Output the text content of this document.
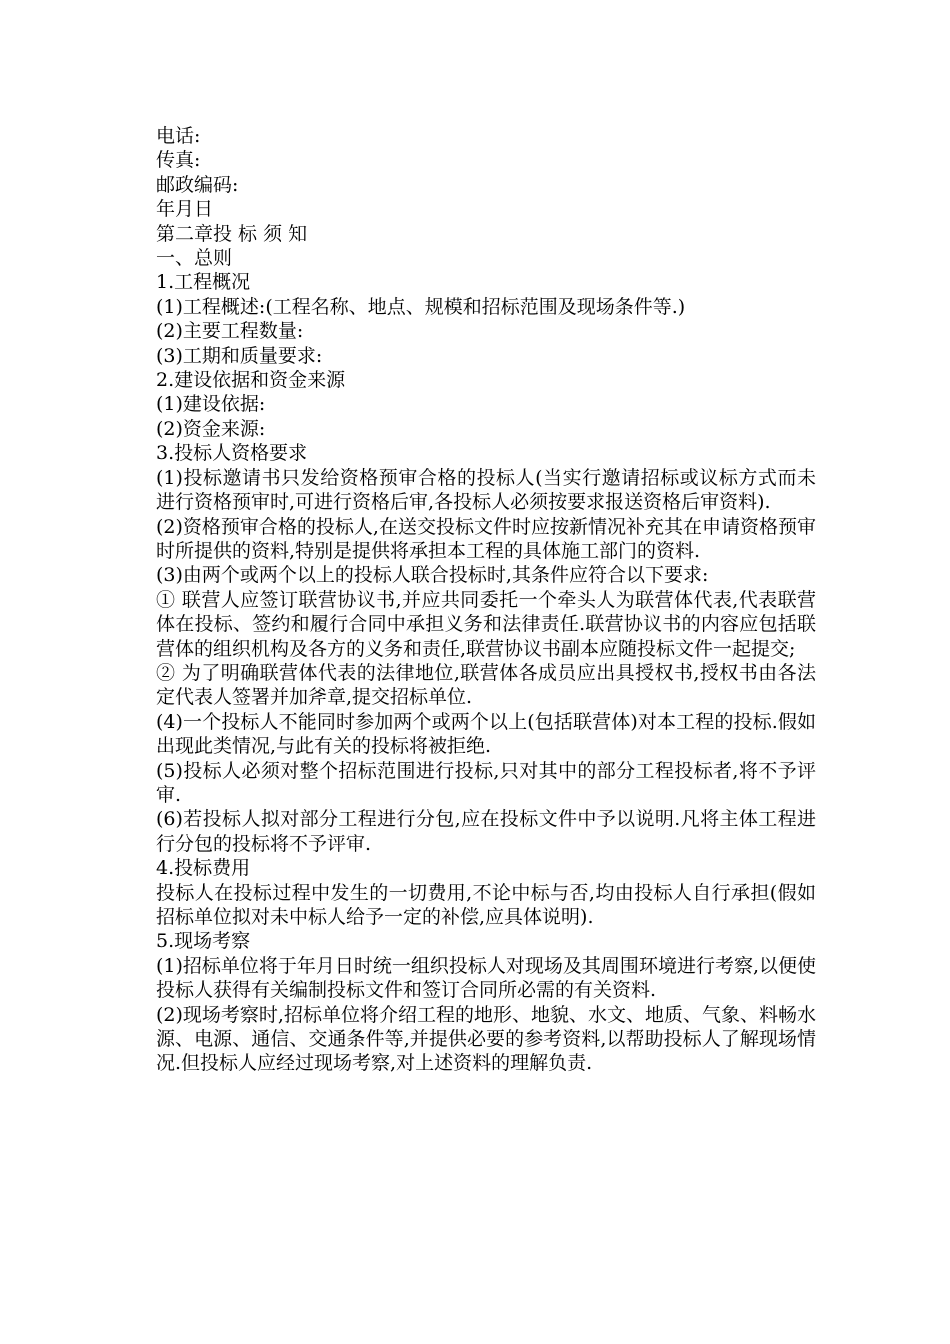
电话:

传真:

邮政编码:

年月日

第二章投 标 须 知

一、总则

1.工程概况

(1)工程概述:(工程名称、地点、规模和招标范围及现场条件等.)

(2)主要工程数量:

(3)工期和质量要求:

2.建设依据和资金来源

(1)建设依据:

(2)资金来源:

3.投标人资格要求

(1)投标邀请书只发给资格预审合格的投标人(当实行邀请招标或议标方式而未进行资格预审时,可进行资格后审,各投标人必须按要求报送资格后审资料).

(2)资格预审合格的投标人,在送交投标文件时应按新情况补充其在申请资格预审时所提供的资料,特别是提供将承担本工程的具体施工部门的资料.

(3)由两个或两个以上的投标人联合投标时,其条件应符合以下要求:

① 联营人应签订联营协议书,并应共同委托一个牵头人为联营体代表,代表联营体在投标、签约和履行合同中承担义务和法律责任.联营协议书的内容应包括联营体的组织机构及各方的义务和责任,联营协议书副本应随投标文件一起提交;

② 为了明确联营体代表的法律地位,联营体各成员应出具授权书,授权书由各法定代表人签署并加斧章,提交招标单位.

(4)一个投标人不能同时参加两个或两个以上(包括联营体)对本工程的投标.假如出现此类情况,与此有关的投标将被拒绝.

(5)投标人必须对整个招标范围进行投标,只对其中的部分工程投标者,将不予评审.

(6)若投标人拟对部分工程进行分包,应在投标文件中予以说明.凡将主体工程进行分包的投标将不予评审.

4.投标费用

投标人在投标过程中发生的一切费用,不论中标与否,均由投标人自行承担(假如招标单位拟对未中标人给予一定的补偿,应具体说明).

5.现场考察

(1)招标单位将于年月日时统一组织投标人对现场及其周围环境进行考察,以便使投标人获得有关编制投标文件和签订合同所必需的有关资料.

(2)现场考察时,招标单位将介绍工程的地形、地貌、水文、地质、气象、料畅水源、电源、通信、交通条件等,并提供必要的参考资料,以帮助投标人了解现场情况.但投标人应经过现场考察,对上述资料的理解负责.
